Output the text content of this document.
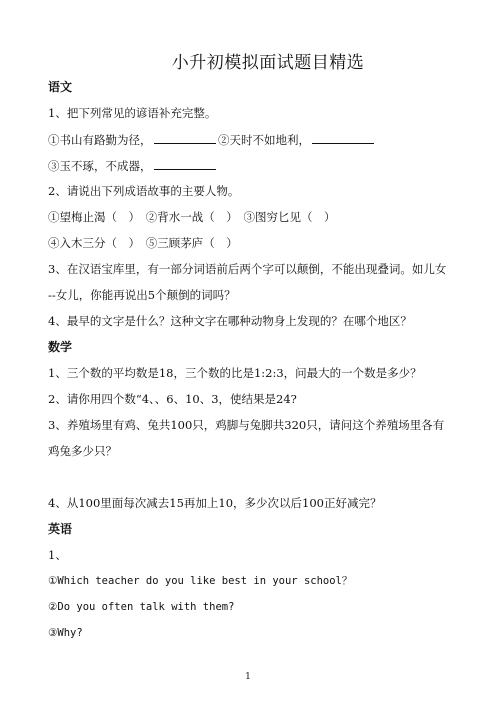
小升初模拟面试题目精选
语文
1、把下列常见的谚语补充完整。
①书山有路勤为径，	②天时不如地利，
③玉不琢，不成器，
2、请说出下列成语故事的主要人物。
①望梅止渴（　）　②背水一战（　）　③图穷匕见（　）
④入木三分（　）　⑤三顾茅庐（　）
3、在汉语宝库里，有一部分词语前后两个字可以颠倒，不能出现叠词。如儿女
--女儿，你能再说出5个颠倒的词吗？
4、最早的文字是什么？这种文字在哪种动物身上发现的？在哪个地区？
数学
1、三个数的平均数是18，三个数的比是1:2:3，问最大的一个数是多少？
2、请你用四个数“4、、6、10、3，使结果是24?
3、养殖场里有鸡、兔共100只，鸡脚与兔脚共320只，请问这个养殖场里各有
鸡兔多少只？
4、从100里面每次减去15再加上10，多少次以后100正好减完？
英语
1、
①Which teacher do you like best in your school？
②Do you often talk with them?
③Why?
1
